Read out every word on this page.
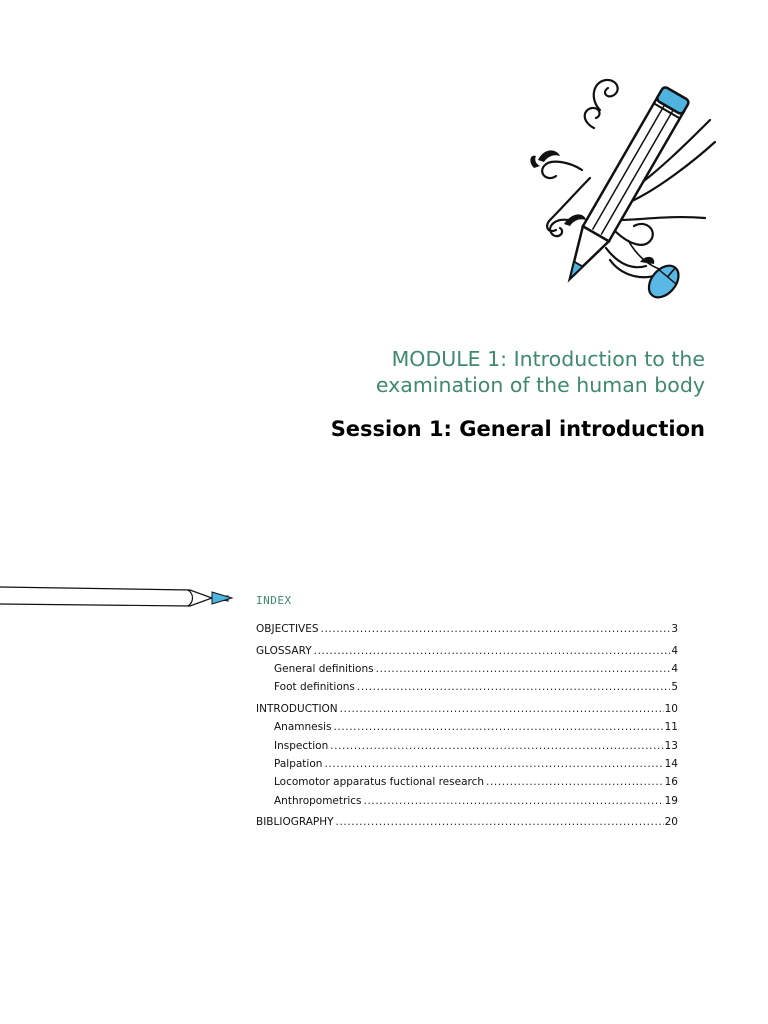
MODULE 1: Introduction to the
examination of the human body
Session 1: General introduction
INDEX
OBJECTIVES .....	3
GLOSSARY .....	4
General definitions .....	4
Foot definitions .....	5
INTRODUCTION .....	10
Anamnesis .....	11
Inspection .....	13
Palpation .....	14
Locomotor apparatus fuctional research .....	16
Anthropometrics .....	19
BIBLIOGRAPHY .....	20
